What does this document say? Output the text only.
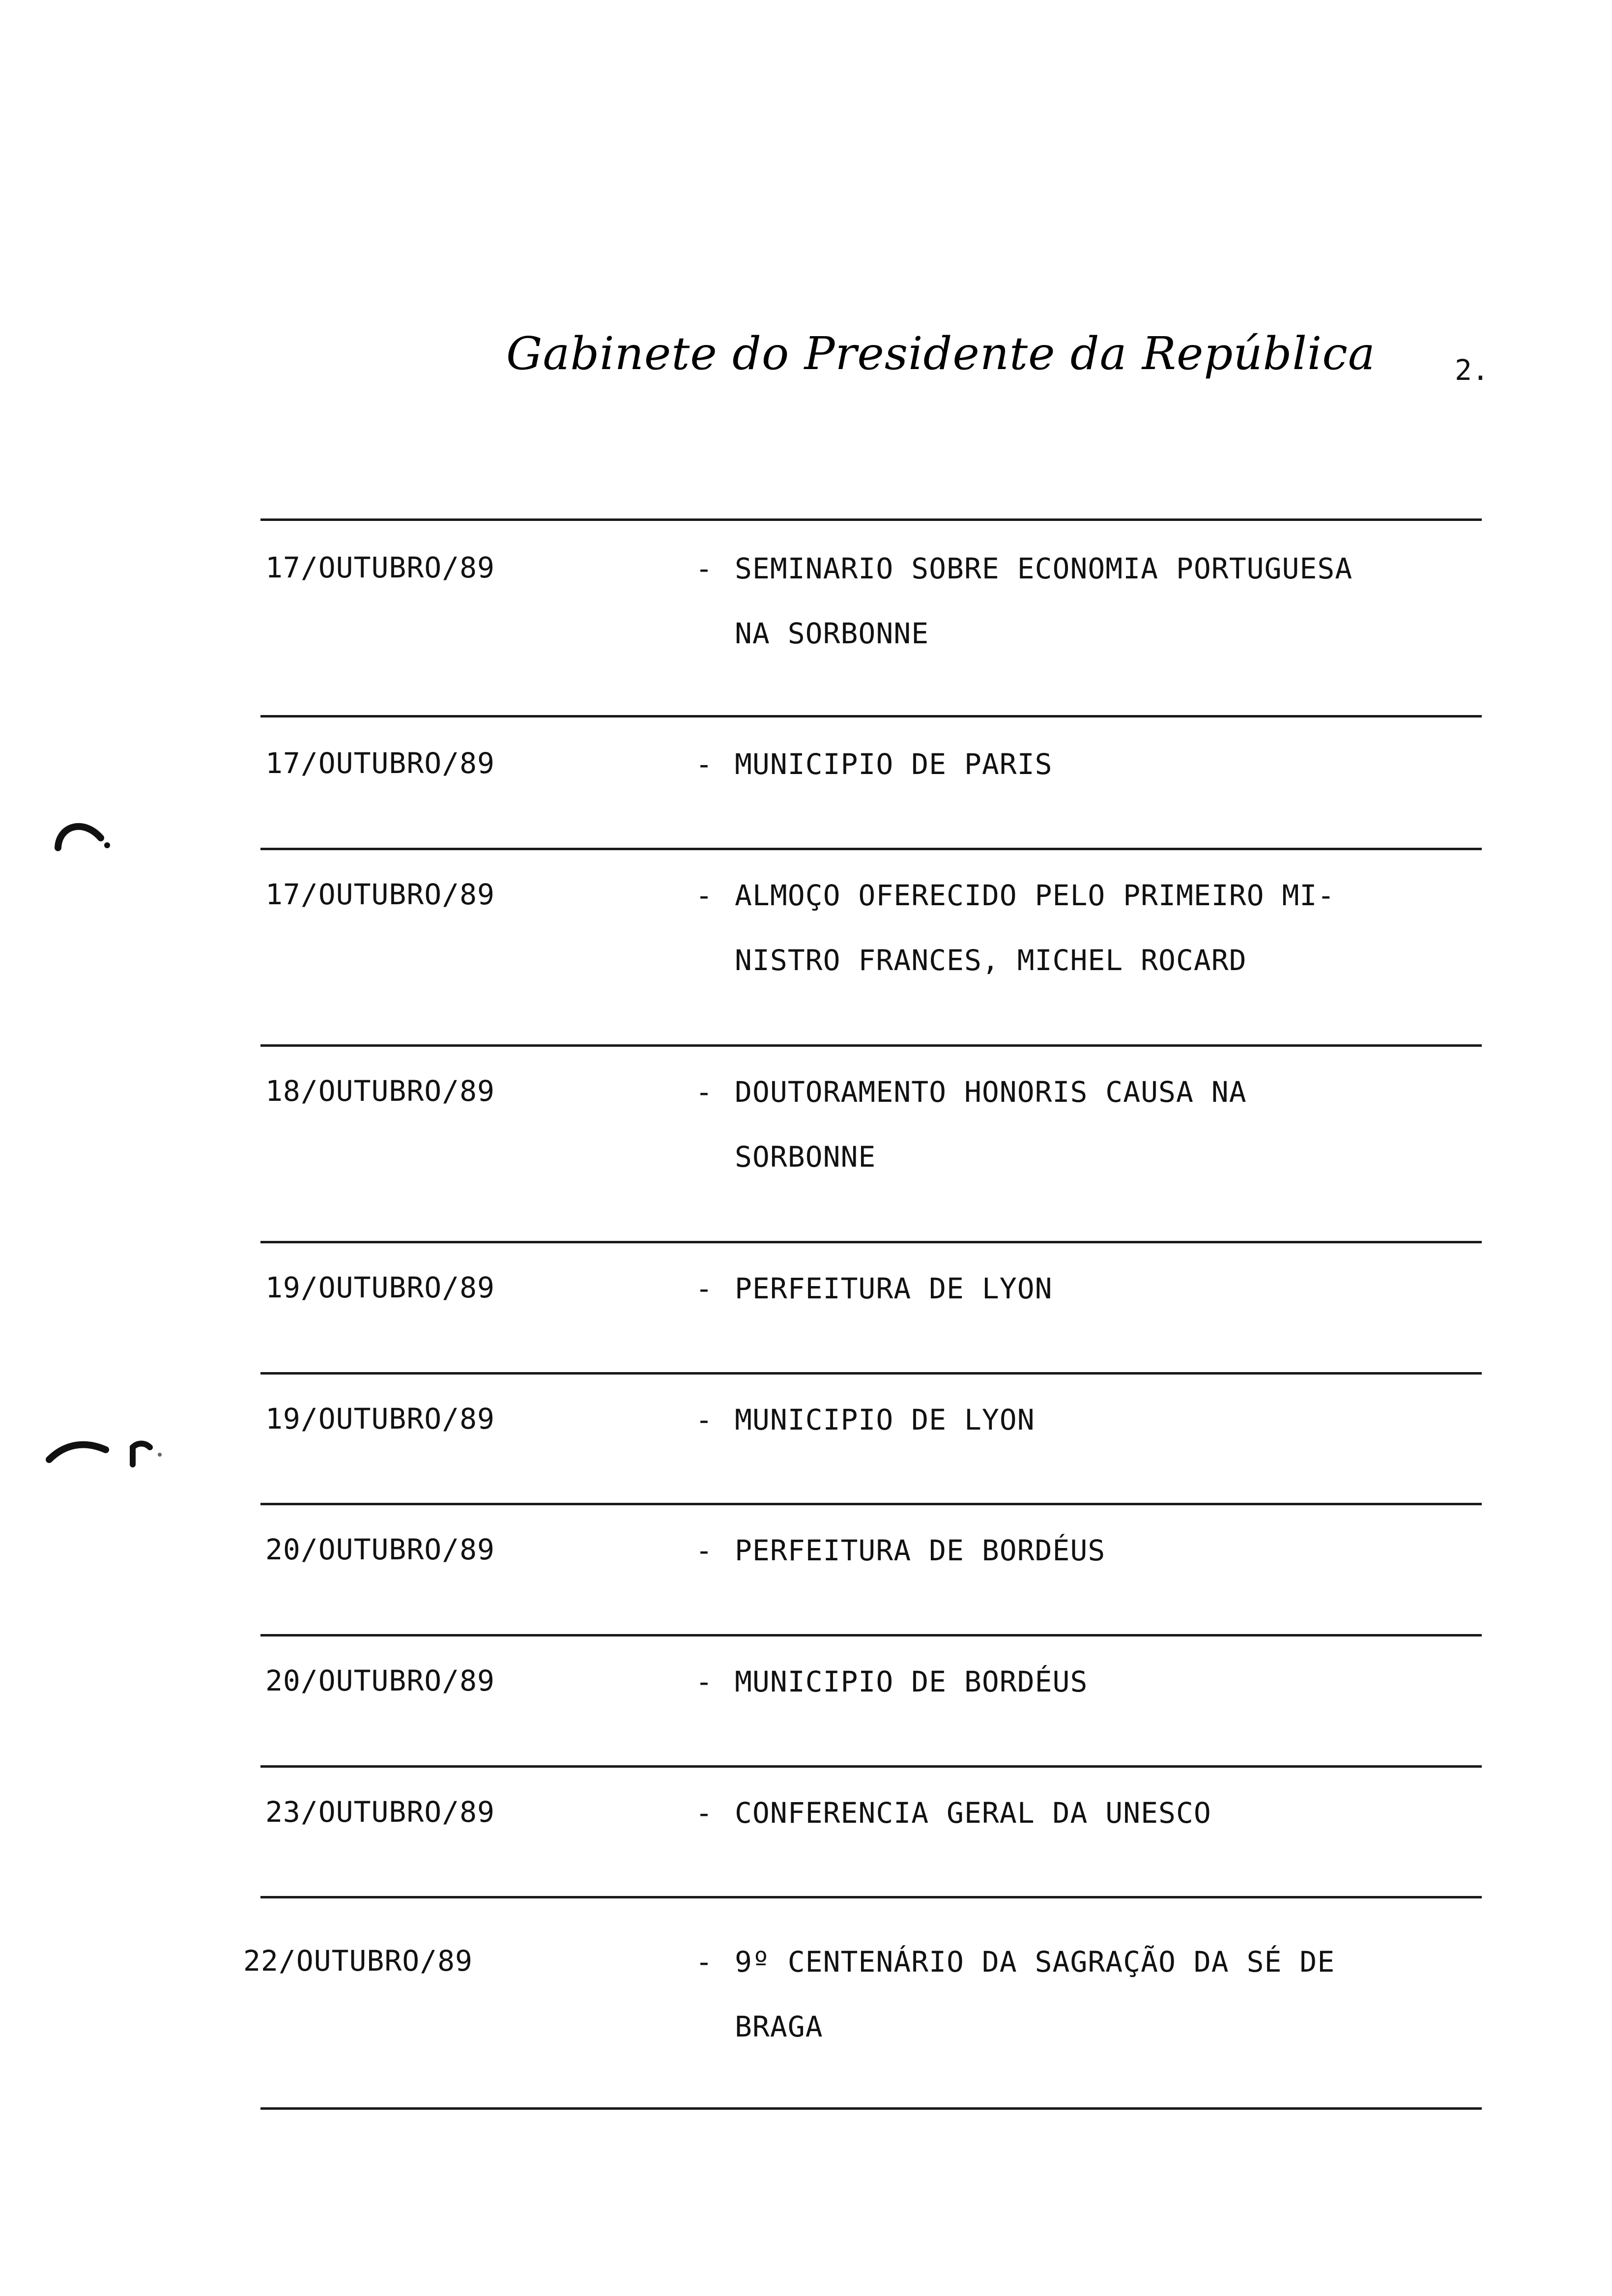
Gabinete do Presidente da República	2.
17/OUTUBRO/89	- SEMINARIO SOBRE ECONOMIA PORTUGUESA
NA SORBONNE
17/OUTUBRO/89	- MUNICIPIO DE PARIS
17/OUTUBRO/89	- ALMOÇO OFERECIDO PELO PRIMEIRO MI-
NISTRO FRANCES, MICHEL ROCARD
18/OUTUBRO/89	- DOUTORAMENTO HONORIS CAUSA NA
SORBONNE
19/OUTUBRO/89	- PERFEITURA DE LYON
19/OUTUBRO/89	- MUNICIPIO DE LYON
20/OUTUBRO/89	- PERFEITURA DE BORDÉUS
20/OUTUBRO/89	- MUNICIPIO DE BORDÉUS
23/OUTUBRO/89	- CONFERENCIA GERAL DA UNESCO
22/OUTUBRO/89	- 9º CENTENÁRIO DA SAGRAÇÃO DA SÉ DE
BRAGA
